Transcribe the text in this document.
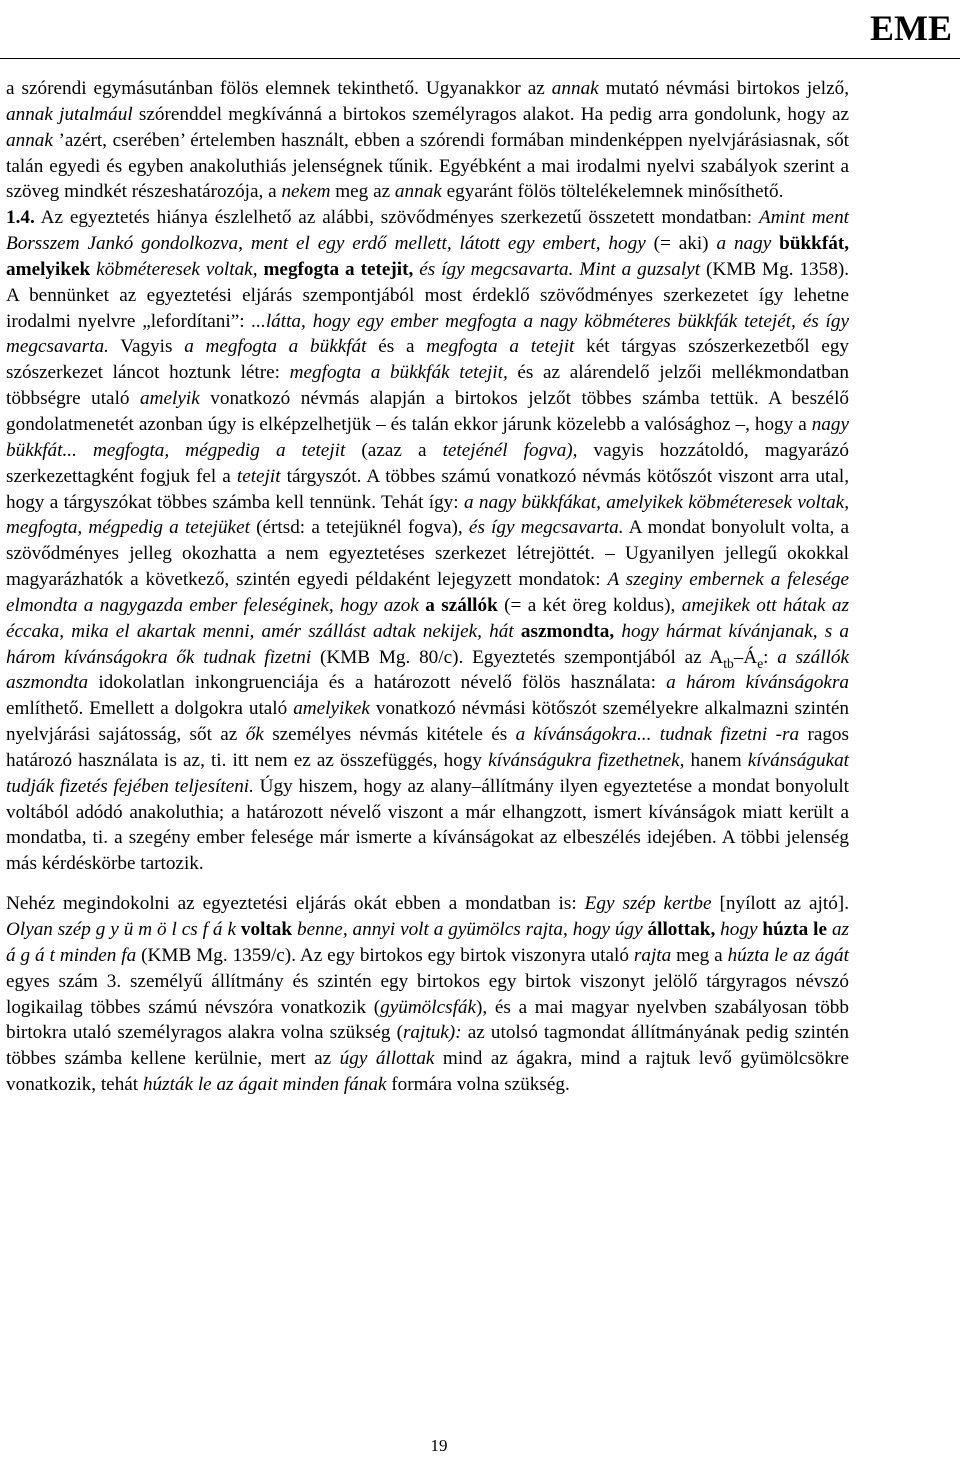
EME

a szórendi egymásutánban fölös elemnek tekinthető. Ugyanakkor az annak mutató névmási birtokos jelző, annak jutalmául szórenddel megkívánná a birtokos személyragos alakot. Ha pedig arra gondolunk, hogy az annak ’azért, cserében’ értelemben használt, ebben a szórendi formában mindenképpen nyelvjárásiasnak, sőt talán egyedi és egyben anakoluthiás jelenségnek tűnik. Egyébként a mai irodalmi nyelvi szabályok szerint a szöveg mindkét részeshatározója, a nekem meg az annak egyaránt fölös töltelékelemnek minősíthető.

1.4. Az egyeztetés hiánya észlelhető az alábbi, szövődményes szerkezetű összetett mondatban: Amint ment Borsszem Jankó gondolkozva, ment el egy erdő mellett, látott egy embert, hogy (= aki) a nagy bükkfát, amelyikek köbméteresek voltak, megfogta a tetejit, és így megcsavarta. Mint a guzsalyt (KMB Mg. 1358). A bennünket az egyeztetési eljárás szempontjából most érdeklő szövődményes szerkezetet így lehetne irodalmi nyelvre „lefordítani”: ...látta, hogy egy ember megfogta a nagy köbméteres bükkfák tetejét, és így megcsavarta. Vagyis a megfogta a bükkfát és a megfogta a tetejit két tárgyas szószerkezetből egy szószerkezet láncot hoztunk létre: megfogta a bükkfák tetejit, és az alárendelő jelzői mellékmondatban többségre utaló amelyik vonatkozó névmás alapján a birtokos jelzőt többes számba tettük. A beszélő gondolatmenetét azonban úgy is elképzelhetjük – és talán ekkor járunk közelebb a valósághoz –, hogy a nagy bükkfát... megfogta, mégpedig a tetejit (azaz a tetejénél fogva), vagyis hozzátoldó, magyarázó szerkezettagként fogjuk fel a tetejit tárgyszót. A többes számú vonatkozó névmás kötőszót viszont arra utal, hogy a tárgyszókat többes számba kell tennünk. Tehát így: a nagy bükkfákat, amelyikek köbméteresek voltak, megfogta, mégpedig a tetejüket (értsd: a tetejüknél fogva), és így megcsavarta. A mondat bonyolult volta, a szövődményes jelleg okozhatta a nem egyeztetéses szerkezet létrejöttét. – Ugyanilyen jellegű okokkal magyarázhatók a következő, szintén egyedi példaként lejegyzett mondatok: A szeginy embernek a felesége elmondta a nagygazda ember feleséginek, hogy azok a szállók (= a két öreg koldus), amejikek ott hátak az éccaka, mika el akartak menni, amér szállást adtak nekijek, hát aszmondta, hogy hármat kívánjanak, s a három kívánságokra ők tudnak fizetni (KMB Mg. 80/c). Egyeztetés szempontjából az $A_{tb}-Á_e$: a szállók aszmondta idokolatlan inkongruenciája és a határozott névelő fölös használata: a három kívánságokra említhető. Emellett a dolgokra utaló amelyikek vonatkozó névmási kötőszót személyekre alkalmazni szintén nyelvjárási sajátosság, sőt az ők személyes névmás kitétele és a kívánságokra... tudnak fizetni -ra ragos határozó használata is az, ti. itt nem ez az összefüggés, hogy kívánságukra fizethetnek, hanem kívánságukat tudják fizetés fejében teljesíteni. Úgy hiszem, hogy az alany–állítmány ilyen egyeztetése a mondat bonyolult voltából adódó anakoluthia; a határozott névelő viszont a már elhangzott, ismert kívánságok miatt került a mondatba, ti. a szegény ember felesége már ismerte a kívánságokat az elbeszélés idejében. A többi jelenség más kérdéskörbe tartozik.

Nehéz megindokolni az egyeztetési eljárás okát ebben a mondatban is: Egy szép kertbe [nyílott az ajtó]. Olyan szép g y ü m ö l cs f á k voltak benne, annyi volt a gyümölcs rajta, hogy úgy állottak, hogy húzta le az á g á t minden fa (KMB Mg. 1359/c). Az egy birtokos egy birtok viszonyra utaló rajta meg a húzta le az ágát egyes szám 3. személyű állítmány és szintén egy birtokos egy birtok viszonyt jelölő tárgyragos névszó logikailag többes számú névszóra vonatkozik (gyümölcsfák), és a mai magyar nyelvben szabályosan több birtokra utaló személyragos alakra volna szükség (rajtuk): az utolsó tagmondat állítmányának pedig szintén többes számba kellene kerülnie, mert az úgy állottak mind az ágakra, mind a rajtuk levő gyümölcsökre vonatkozik, tehát húzták le az ágait minden fának formára volna szükség.

19
